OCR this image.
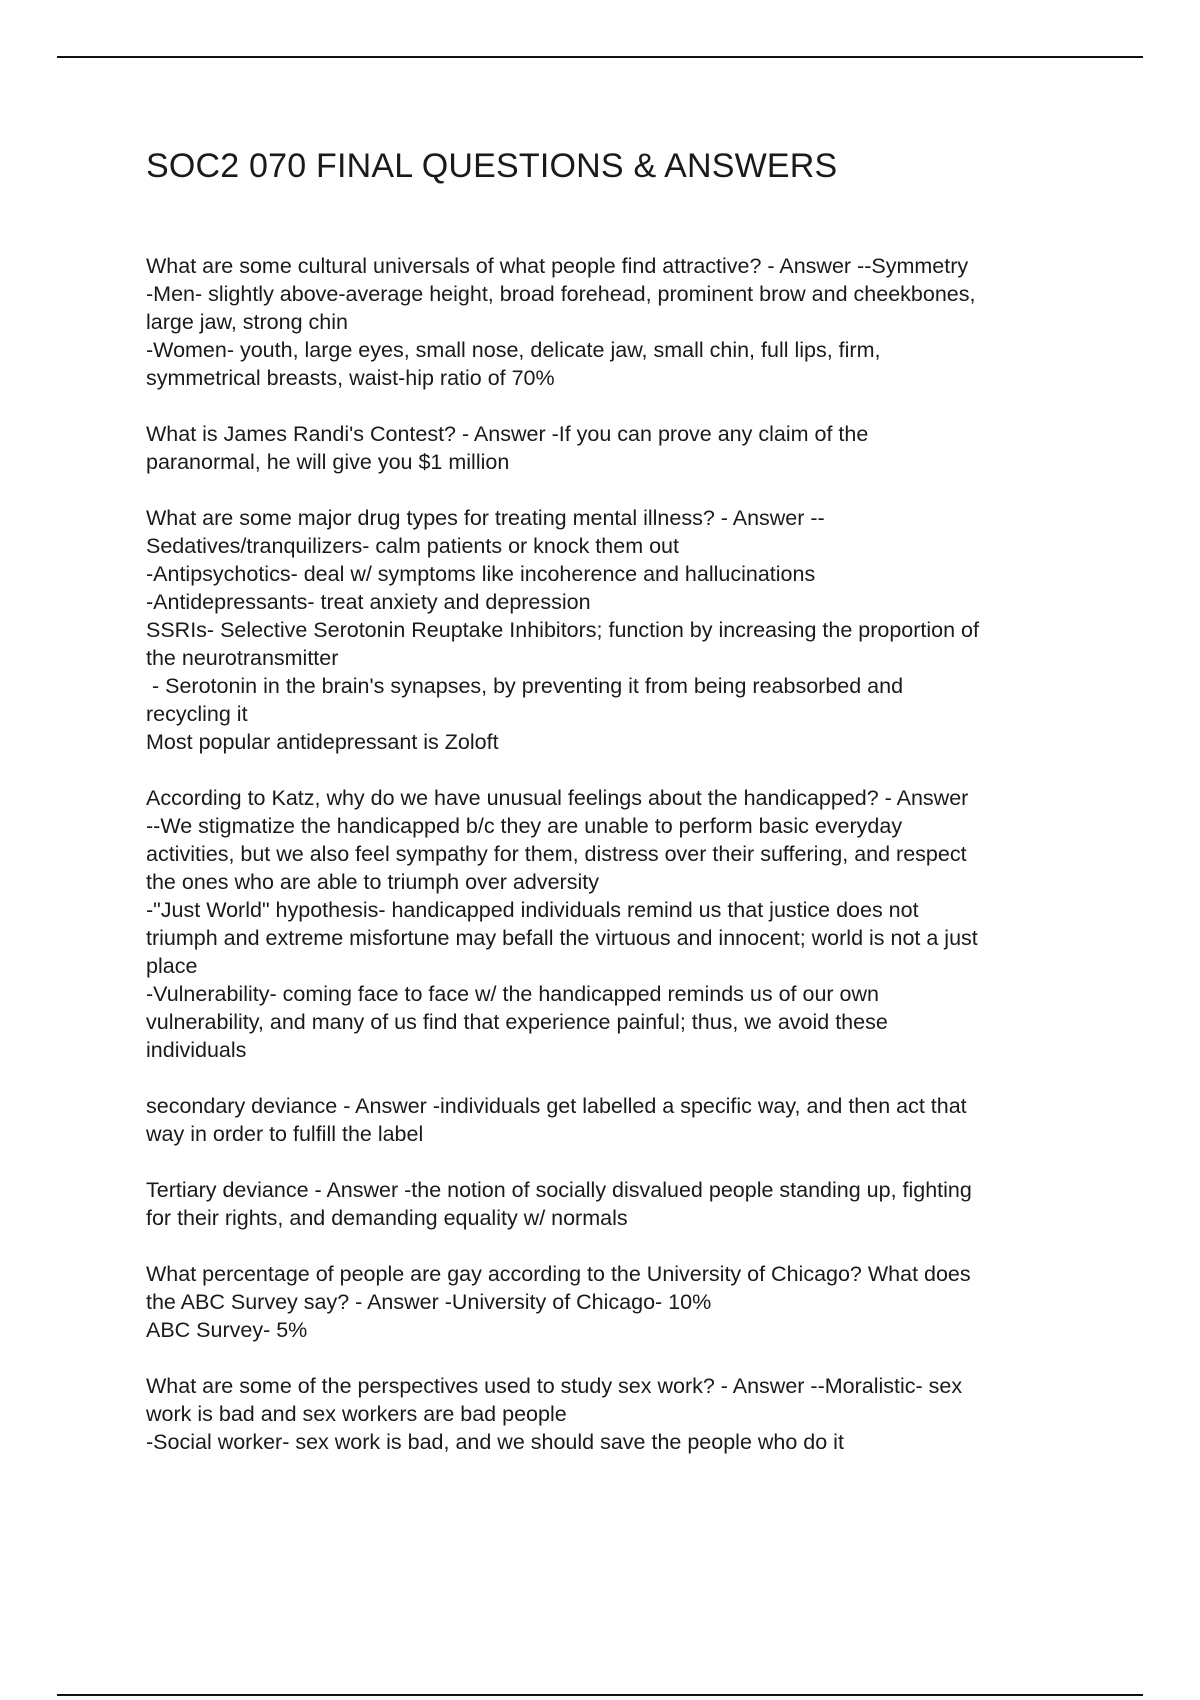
SOC2 070 FINAL QUESTIONS & ANSWERS
What are some cultural universals of what people find attractive? - Answer --Symmetry
-Men- slightly above-average height, broad forehead, prominent brow and cheekbones,
large jaw, strong chin
-Women- youth, large eyes, small nose, delicate jaw, small chin, full lips, firm,
symmetrical breasts, waist-hip ratio of 70%
What is James Randi's Contest? - Answer -If you can prove any claim of the
paranormal, he will give you $1 million
What are some major drug types for treating mental illness? - Answer --
Sedatives/tranquilizers- calm patients or knock them out
-Antipsychotics- deal w/ symptoms like incoherence and hallucinations
-Antidepressants- treat anxiety and depression
SSRIs- Selective Serotonin Reuptake Inhibitors; function by increasing the proportion of
the neurotransmitter
- Serotonin in the brain's synapses, by preventing it from being reabsorbed and
recycling it
Most popular antidepressant is Zoloft
According to Katz, why do we have unusual feelings about the handicapped? - Answer
--We stigmatize the handicapped b/c they are unable to perform basic everyday
activities, but we also feel sympathy for them, distress over their suffering, and respect
the ones who are able to triumph over adversity
-"Just World" hypothesis- handicapped individuals remind us that justice does not
triumph and extreme misfortune may befall the virtuous and innocent; world is not a just
place
-Vulnerability- coming face to face w/ the handicapped reminds us of our own
vulnerability, and many of us find that experience painful; thus, we avoid these
individuals
secondary deviance - Answer -individuals get labelled a specific way, and then act that
way in order to fulfill the label
Tertiary deviance - Answer -the notion of socially disvalued people standing up, fighting
for their rights, and demanding equality w/ normals
What percentage of people are gay according to the University of Chicago? What does
the ABC Survey say? - Answer -University of Chicago- 10%
ABC Survey- 5%
What are some of the perspectives used to study sex work? - Answer --Moralistic- sex
work is bad and sex workers are bad people
-Social worker- sex work is bad, and we should save the people who do it
